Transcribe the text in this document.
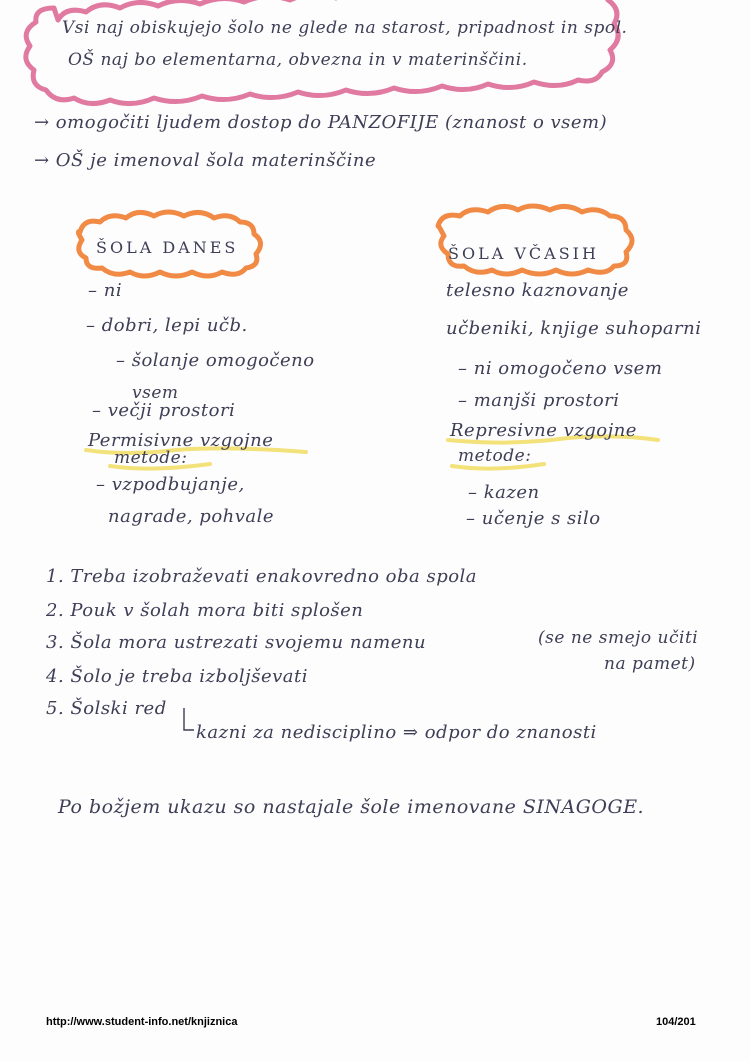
Vsi naj obiskujejo šolo ne glede na starost, pripadnost in spol.
OŠ naj bo elementarna, obvezna in v materinščini.
→ omogočiti ljudem dostop do PANZOFIJE (znanost o vsem)
→ OŠ je imenoval šola materinščine
ŠOLA DANES
– ni
– dobri, lepi učb.
– šolanje omogočeno
vsem
– večji prostori
Permisivne vzgojne
metode:
– vzpodbujanje,
nagrade, pohvale
ŠOLA VČASIH
telesno kaznovanje
učbeniki, knjige suhoparni
– ni omogočeno vsem
– manjši prostori
Represivne vzgojne
metode:
– kazen
– učenje s silo
1. Treba izobraževati enakovredno oba spola
2. Pouk v šolah mora biti splošen
3. Šola mora ustrezati svojemu namenu	(se ne smejo učiti
na pamet)
4. Šolo je treba izboljševati
5. Šolski red
kazni za nedisciplino ⇒ odpor do znanosti
Po božjem ukazu so nastajale šole imenovane SINAGOGE.
http://www.student-info.net/knjiznica	104/201
